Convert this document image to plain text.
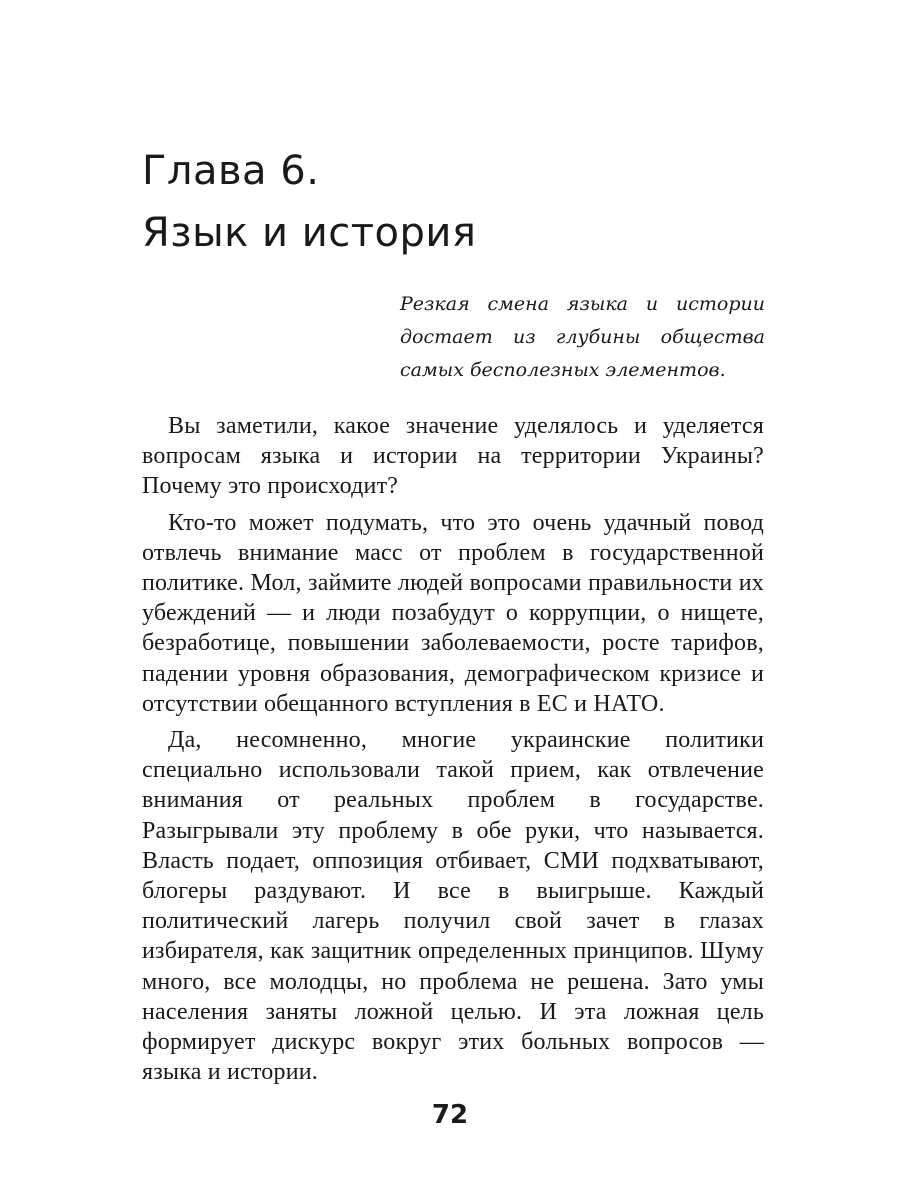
Глава 6.
Язык и история

Резкая смена языка и истории достает из глубины общества самых бесполезных элементов.

Вы заметили, какое значение уделялось и уделяется вопросам языка и истории на территории Украины? Почему это происходит?

Кто-то может подумать, что это очень удачный повод отвлечь внимание масс от проблем в государственной политике. Мол, займите людей вопросами правильности их убеждений — и люди позабудут о коррупции, о нищете, безработице, повышении заболеваемости, росте тарифов, падении уровня образования, демографическом кризисе и отсутствии обещанного вступления в ЕС и НАТО.

Да, несомненно, многие украинские политики специально использовали такой прием, как отвлечение внимания от реальных проблем в государстве. Разыгрывали эту проблему в обе руки, что называется. Власть подает, оппозиция отбивает, СМИ подхватывают, блогеры раздувают. И все в выигрыше. Каждый политический лагерь получил свой зачет в глазах избирателя, как защитник определенных принципов. Шуму много, все молодцы, но проблема не решена. Зато умы населения заняты ложной целью. И эта ложная цель формирует дискурс вокруг этих больных вопросов — языка и истории.

72
